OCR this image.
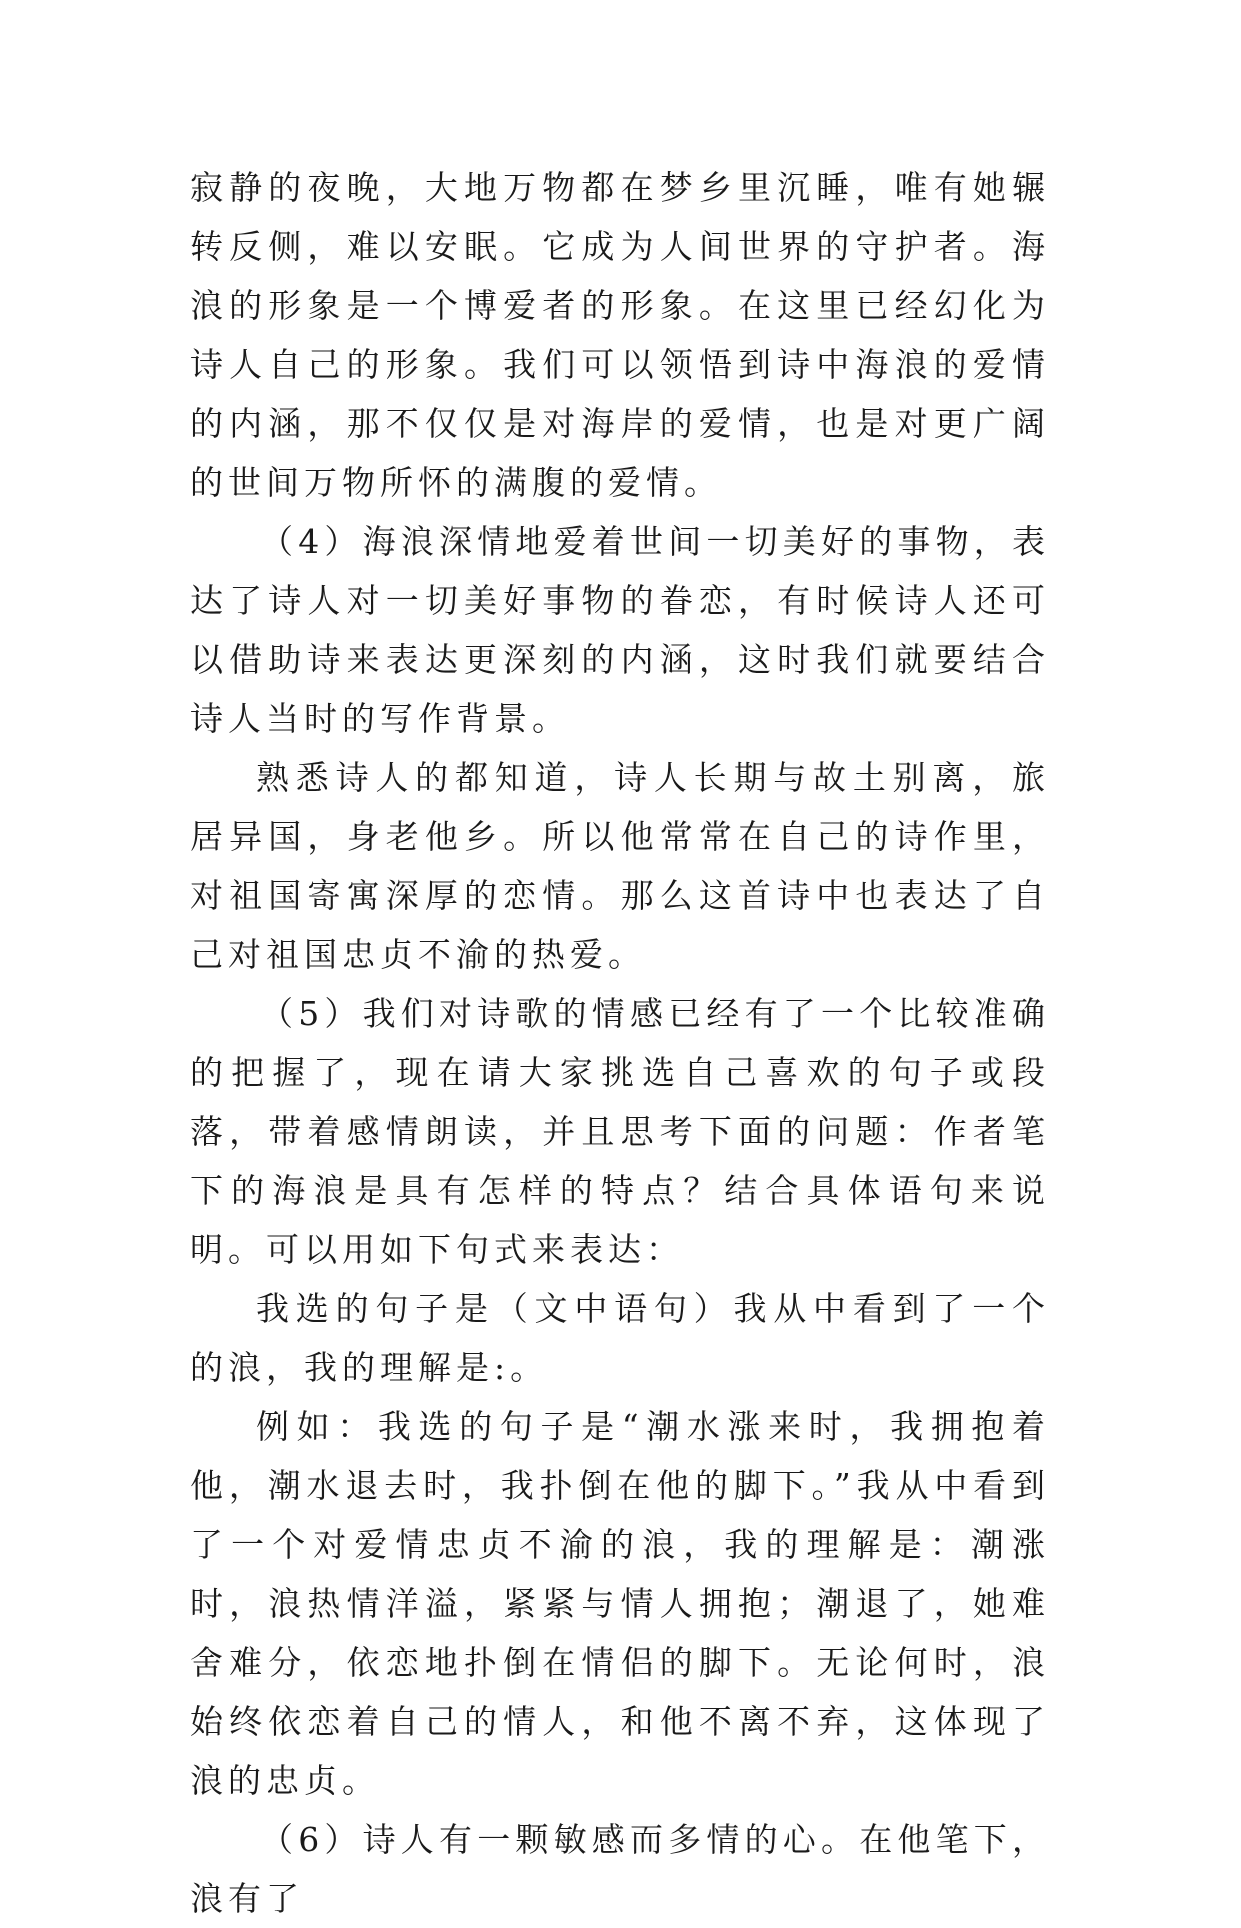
寂静的夜晚，大地万物都在梦乡里沉睡，唯有她辗转反侧，难以安眠。它成为人间世界的守护者。海浪的形象是一个博爱者的形象。在这里已经幻化为诗人自己的形象。我们可以领悟到诗中海浪的爱情的内涵，那不仅仅是对海岸的爱情，也是对更广阔的世间万物所怀的满腹的爱情。

（4）海浪深情地爱着世间一切美好的事物，表达了诗人对一切美好事物的眷恋，有时候诗人还可以借助诗来表达更深刻的内涵，这时我们就要结合诗人当时的写作背景。

熟悉诗人的都知道，诗人长期与故土别离，旅居异国，身老他乡。所以他常常在自己的诗作里，对祖国寄寓深厚的恋情。那么这首诗中也表达了自己对祖国忠贞不渝的热爱。

（5）我们对诗歌的情感已经有了一个比较准确的把握了，现在请大家挑选自己喜欢的句子或段落，带着感情朗读，并且思考下面的问题：作者笔下的海浪是具有怎样的特点？结合具体语句来说明。可以用如下句式来表达：

我选的句子是（文中语句）我从中看到了一个的浪，我的理解是:。

例如：我选的句子是“潮水涨来时，我拥抱着他，潮水退去时，我扑倒在他的脚下。”我从中看到了一个对爱情忠贞不渝的浪，我的理解是：潮涨时，浪热情洋溢，紧紧与情人拥抱；潮退了，她难舍难分，依恋地扑倒在情侣的脚下。无论何时，浪始终依恋着自己的情人，和他不离不弃，这体现了浪的忠贞。

（6）诗人有一颗敏感而多情的心。在他笔下，浪有了
